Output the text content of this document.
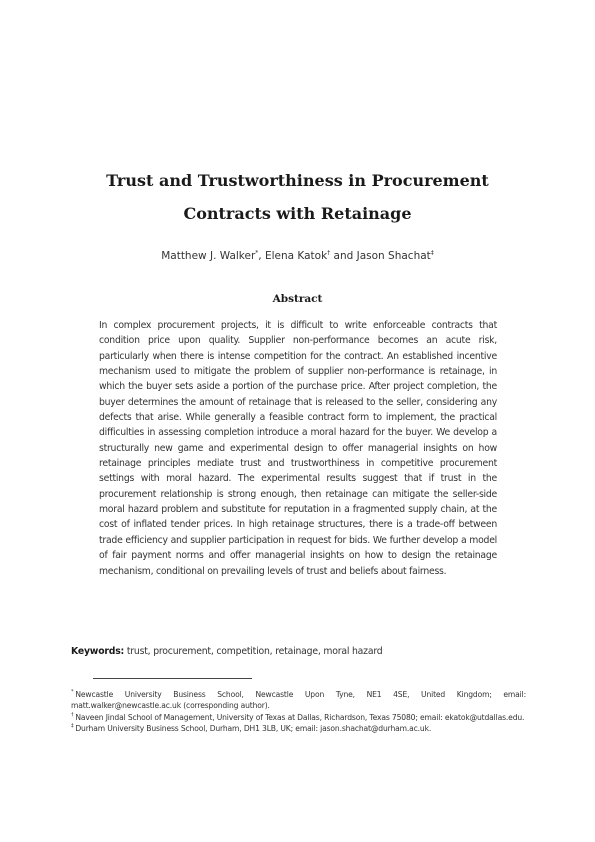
Trust and Trustworthiness in Procurement
Contracts with Retainage
Matthew J. Walker*, Elena Katok† and Jason Shachat‡
Abstract
In complex procurement projects, it is difficult to write enforceable contracts that condition price upon quality. Supplier non-performance becomes an acute risk, particularly when there is intense competition for the contract. An established incentive mechanism used to mitigate the problem of supplier non-performance is retainage, in which the buyer sets aside a portion of the purchase price. After project completion, the buyer determines the amount of retainage that is released to the seller, considering any defects that arise. While generally a feasible contract form to implement, the practical difficulties in assessing completion introduce a moral hazard for the buyer. We develop a structurally new game and experimental design to offer managerial insights on how retainage principles mediate trust and trustworthiness in competitive procurement settings with moral hazard. The experimental results suggest that if trust in the procurement relationship is strong enough, then retainage can mitigate the seller-side moral hazard problem and substitute for reputation in a fragmented supply chain, at the cost of inflated tender prices. In high retainage structures, there is a trade-off between trade efficiency and supplier participation in request for bids. We further develop a model of fair payment norms and offer managerial insights on how to design the retainage mechanism, conditional on prevailing levels of trust and beliefs about fairness.
Keywords: trust, procurement, competition, retainage, moral hazard

* Newcastle University Business School, Newcastle Upon Tyne, NE1 4SE, United Kingdom; email: matt.walker@newcastle.ac.uk (corresponding author).

† Naveen Jindal School of Management, University of Texas at Dallas, Richardson, Texas 75080; email: ekatok@utdallas.edu.

‡ Durham University Business School, Durham, DH1 3LB, UK; email: jason.shachat@durham.ac.uk.
